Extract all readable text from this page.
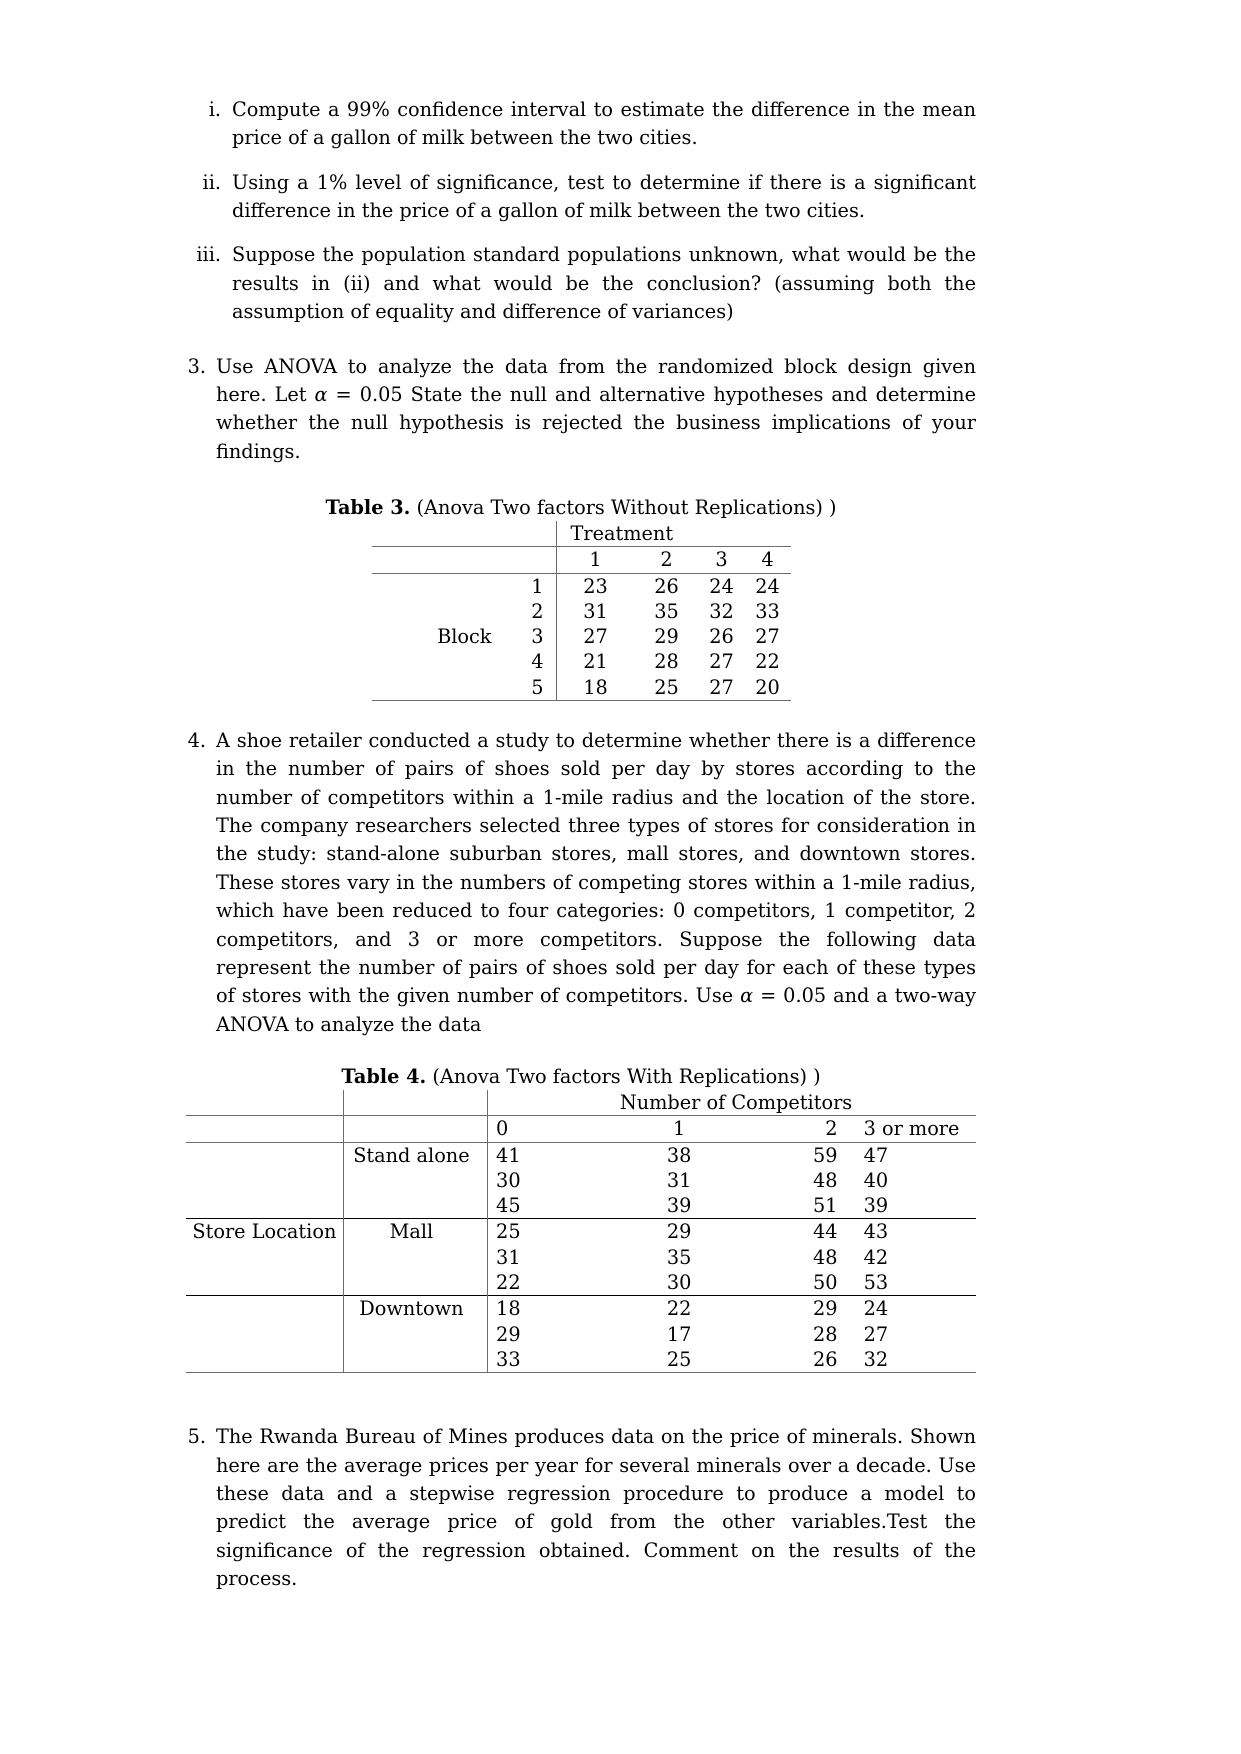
i. Compute a 99% confidence interval to estimate the difference in the mean price of a gallon of milk between the two cities.
ii. Using a 1% level of significance, test to determine if there is a significant difference in the price of a gallon of milk between the two cities.
iii. Suppose the population standard populations unknown, what would be the results in (ii) and what would be the conclusion? (assuming both the assumption of equality and difference of variances)
3. Use ANOVA to analyze the data from the randomized block design given here. Let α = 0.05 State the null and alternative hypotheses and determine whether the null hypothesis is rejected the business implications of your findings.
Table 3. (Anova Two factors Without Replications) )
		Treatment			
		1	2	3	4
	1	23	26	24	24
	2	31	35	32	33
Block	3	27	29	26	27
	4	21	28	27	22
	5	18	25	27	20
4. A shoe retailer conducted a study to determine whether there is a difference in the number of pairs of shoes sold per day by stores according to the number of competitors within a 1-mile radius and the location of the store. The company researchers selected three types of stores for consideration in the study: stand-alone suburban stores, mall stores, and downtown stores. These stores vary in the numbers of competing stores within a 1-mile radius, which have been reduced to four categories: 0 competitors, 1 competitor, 2 competitors, and 3 or more competitors. Suppose the following data represent the number of pairs of shoes sold per day for each of these types of stores with the given number of competitors. Use α = 0.05 and a two-way ANOVA to analyze the data
Table 4. (Anova Two factors With Replications) )
		Number of Competitors			
		0	1	2	3 or more
	Stand alone	41	38	59	47
		30	31	48	40
		45	39	51	39
Store Location	Mall	25	29	44	43
		31	35	48	42
		22	30	50	53
	Downtown	18	22	29	24
		29	17	28	27
		33	25	26	32
5. The Rwanda Bureau of Mines produces data on the price of minerals. Shown here are the average prices per year for several minerals over a decade. Use these data and a stepwise regression procedure to produce a model to predict the average price of gold from the other variables.Test the significance of the regression obtained. Comment on the results of the process.
